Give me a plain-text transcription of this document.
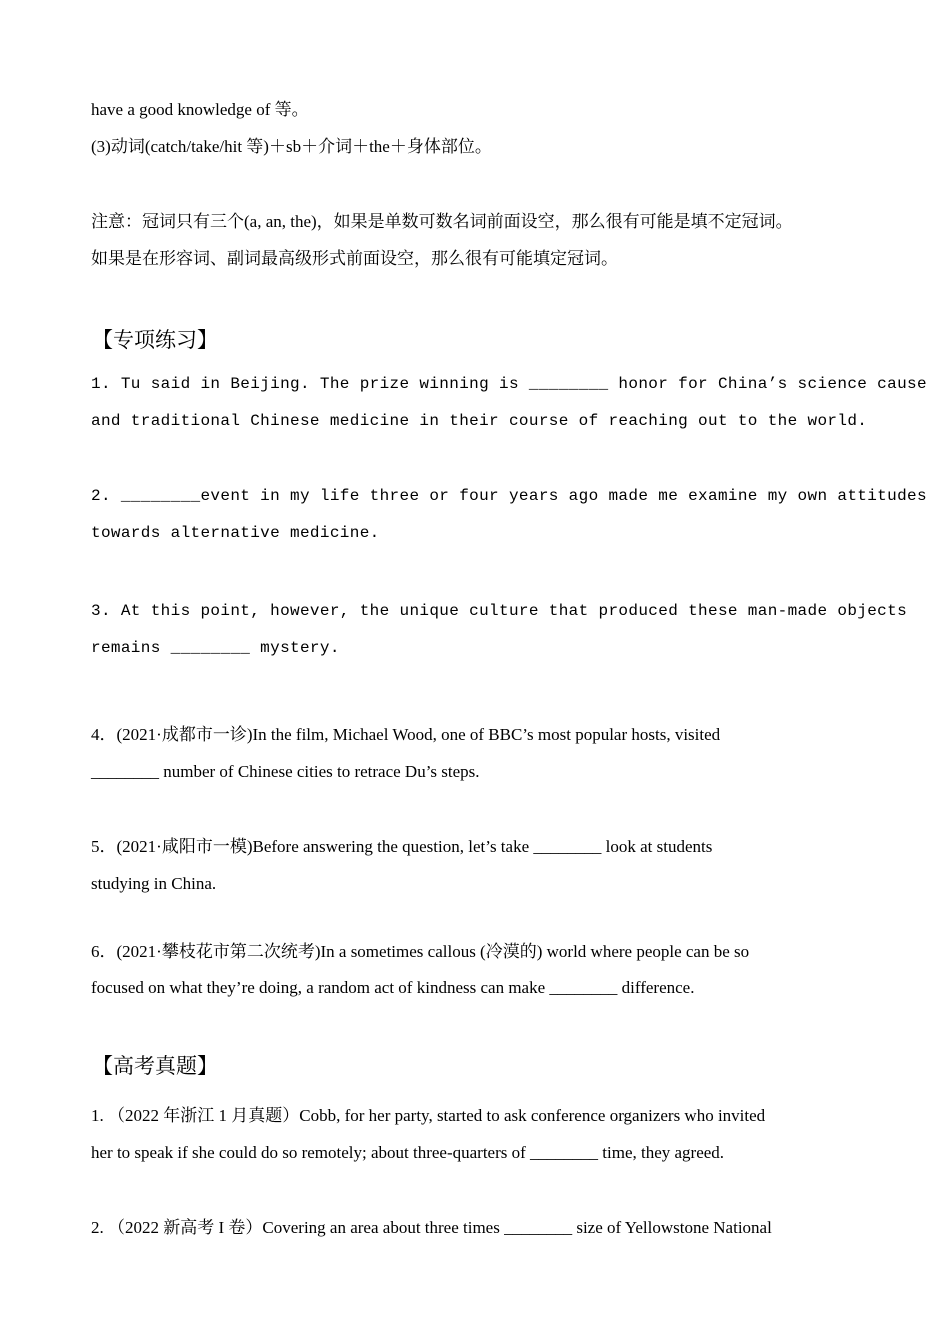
have a good knowledge of 等。
(3)动词(catch/take/hit 等)＋sb＋介词＋the＋身体部位。
注意：冠词只有三个(a, an, the)，如果是单数可数名词前面设空，那么很有可能是填不定冠词。
如果是在形容词、副词最高级形式前面设空，那么很有可能填定冠词。
【专项练习】
1. Tu said in Beijing. The prize winning is ________ honor for China’s science cause
and traditional Chinese medicine in their course of reaching out to the world.
2. ________event in my life three or four years ago made me examine my own attitudes
towards alternative medicine.
3. At this point, however, the unique culture that produced these man-made objects
remains ________ mystery.
4．(2021·成都市一诊)In the film, Michael Wood, one of BBC’s most popular hosts, visited
________ number of Chinese cities to retrace Du’s steps.
5．(2021·咸阳市一模)Before answering the question, let’s take ________ look at students
studying in China.
6．(2021·攀枝花市第二次统考)In a sometimes callous (冷漠的) world where people can be so
focused on what they’re doing, a random act of kindness can make ________ difference.
【高考真题】
1. （2022 年浙江 1 月真题）Cobb, for her party, started to ask conference organizers who invited
her to speak if she could do so remotely; about three-quarters of ________ time, they agreed.
2. （2022 新高考 I 卷）Covering an area about three times ________ size of Yellowstone National
